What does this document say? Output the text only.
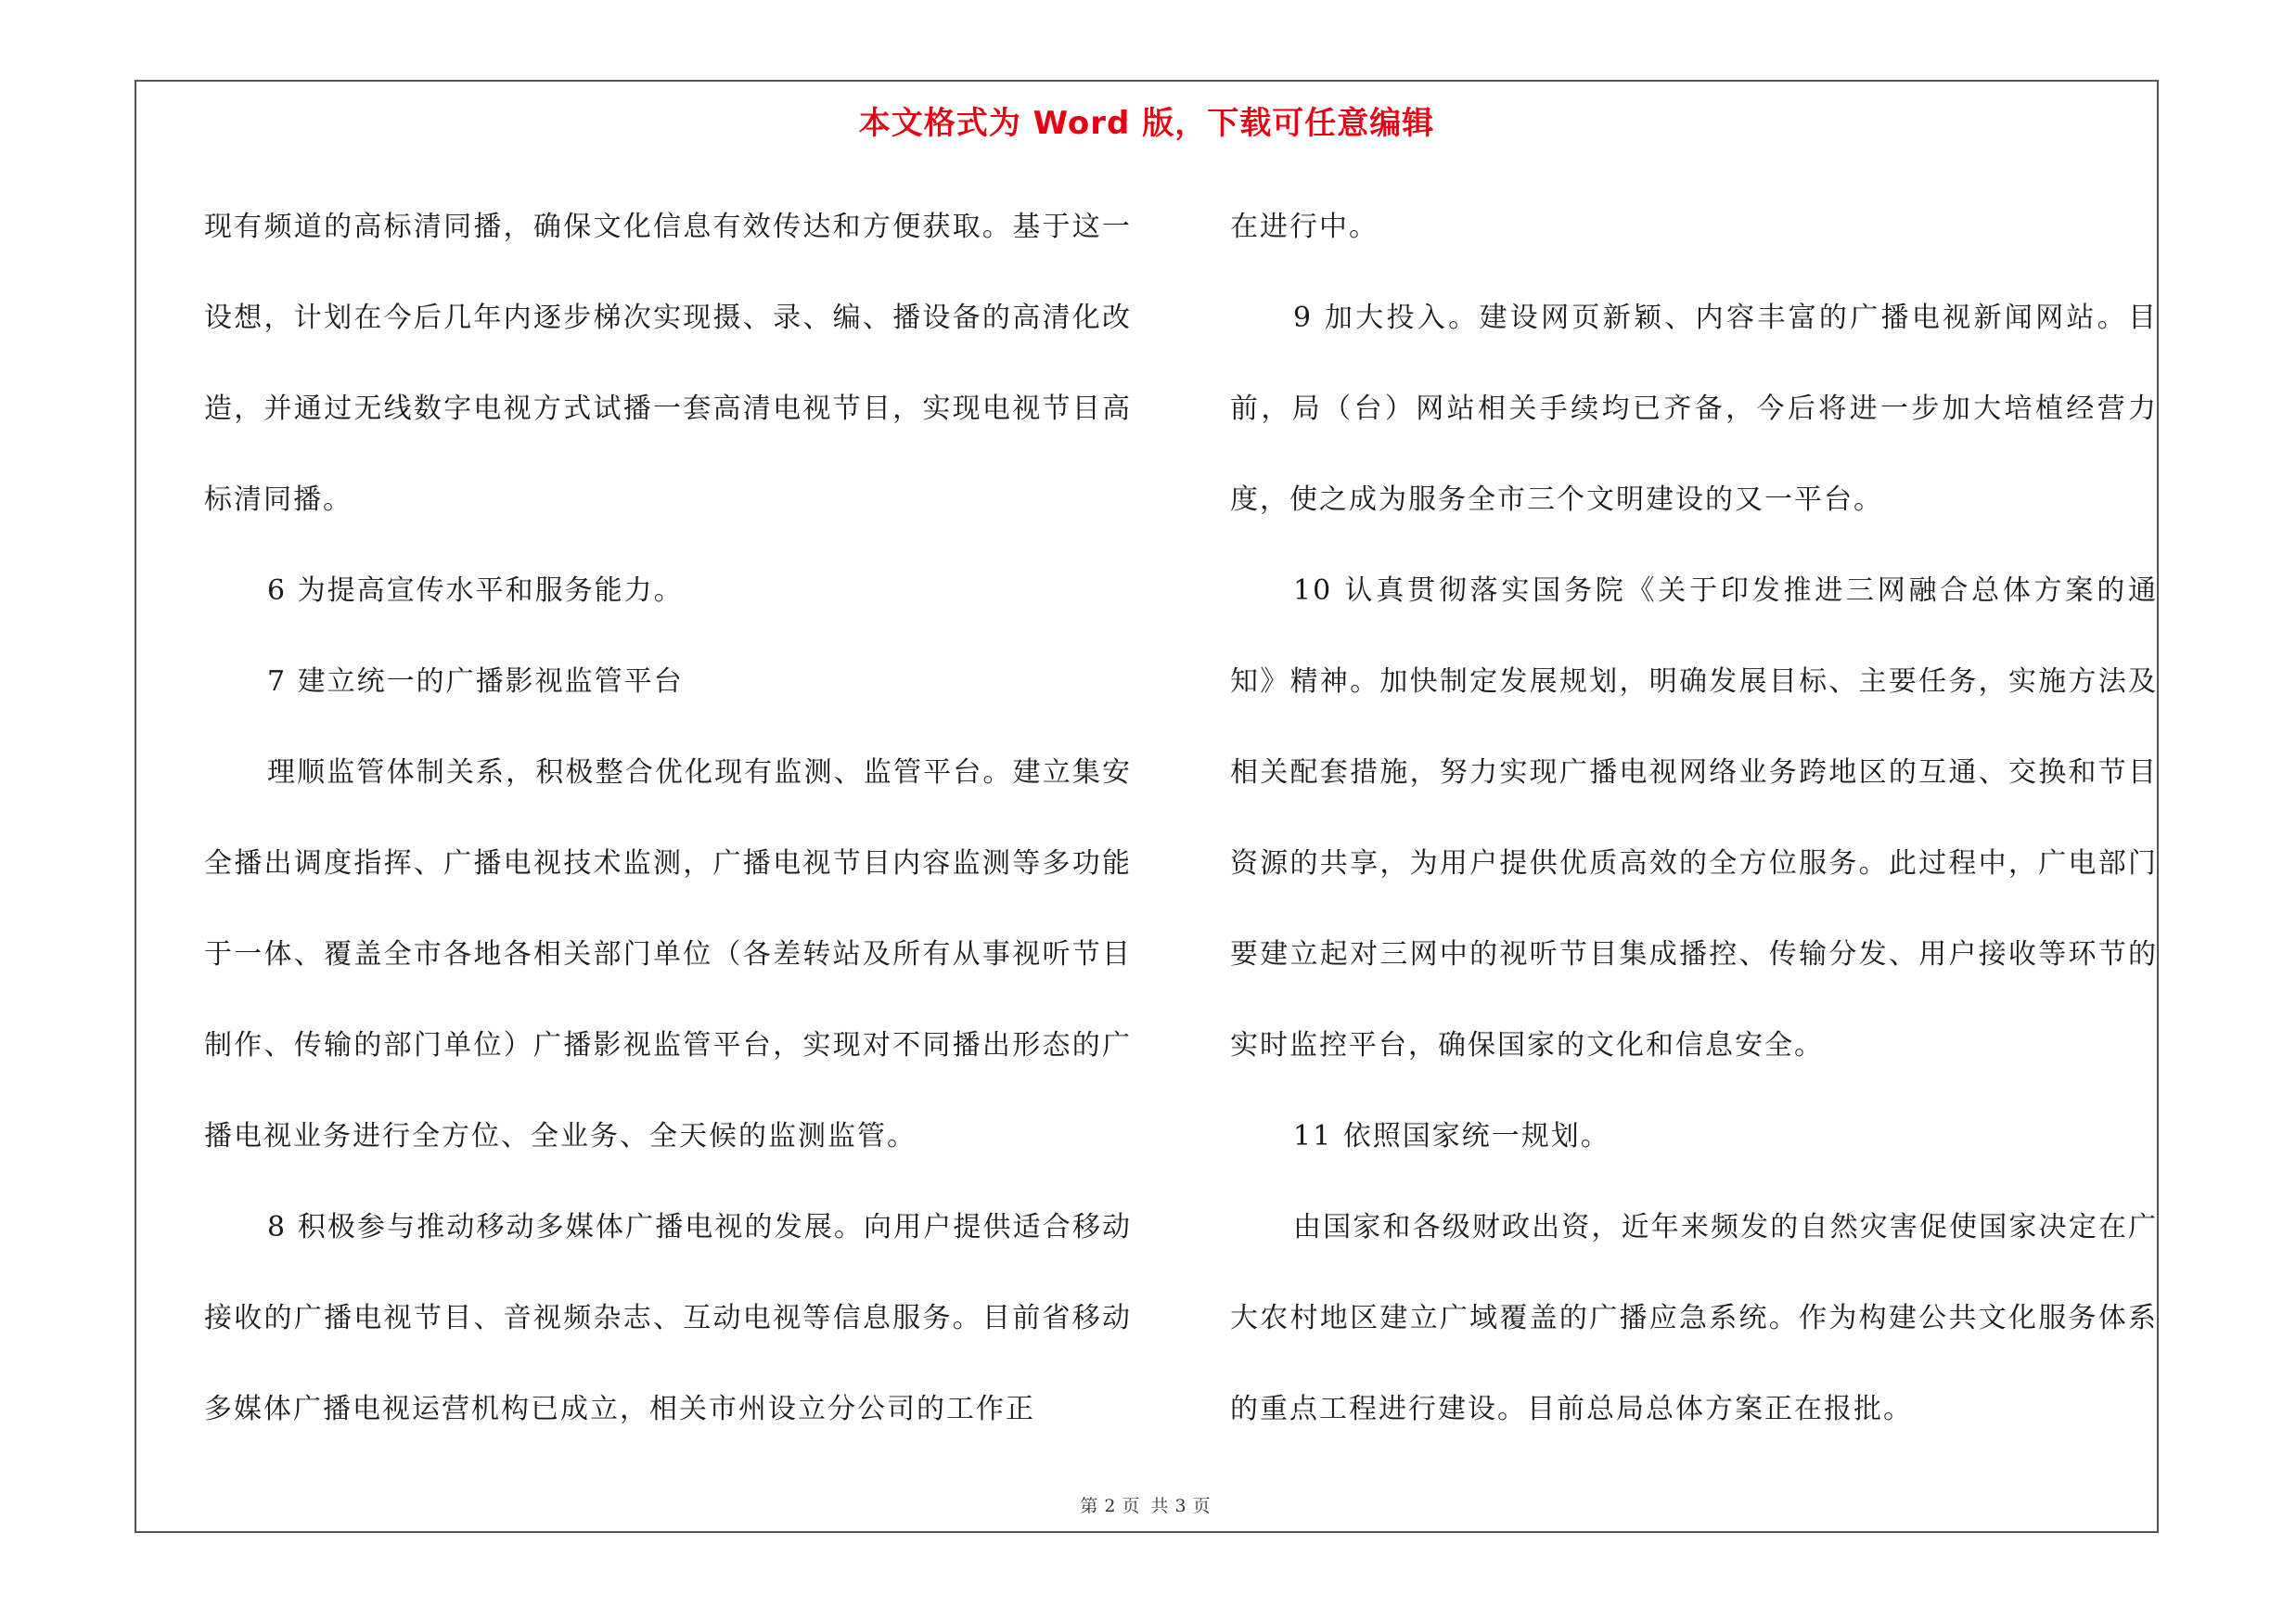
本文格式为 Word 版，下载可任意编辑

现有频道的高标清同播，确保文化信息有效传达和方便获取。基于这一设想，计划在今后几年内逐步梯次实现摄、录、编、播设备的高清化改造，并通过无线数字电视方式试播一套高清电视节目，实现电视节目高标清同播。

6 为提高宣传水平和服务能力。

7 建立统一的广播影视监管平台

理顺监管体制关系，积极整合优化现有监测、监管平台。建立集安全播出调度指挥、广播电视技术监测，广播电视节目内容监测等多功能于一体、覆盖全市各地各相关部门单位（各差转站及所有从事视听节目制作、传输的部门单位）广播影视监管平台，实现对不同播出形态的广播电视业务进行全方位、全业务、全天候的监测监管。

8 积极参与推动移动多媒体广播电视的发展。向用户提供适合移动接收的广播电视节目、音视频杂志、互动电视等信息服务。目前省移动多媒体广播电视运营机构已成立，相关市州设立分公司的工作正

在进行中。

9 加大投入。建设网页新颖、内容丰富的广播电视新闻网站。目前，局（台）网站相关手续均已齐备，今后将进一步加大培植经营力度，使之成为服务全市三个文明建设的又一平台。

10 认真贯彻落实国务院《关于印发推进三网融合总体方案的通知》精神。加快制定发展规划，明确发展目标、主要任务，实施方法及相关配套措施，努力实现广播电视网络业务跨地区的互通、交换和节目资源的共享，为用户提供优质高效的全方位服务。此过程中，广电部门要建立起对三网中的视听节目集成播控、传输分发、用户接收等环节的实时监控平台，确保国家的文化和信息安全。

11 依照国家统一规划。

由国家和各级财政出资，近年来频发的自然灾害促使国家决定在广大农村地区建立广域覆盖的广播应急系统。作为构建公共文化服务体系的重点工程进行建设。目前总局总体方案正在报批。

第 2 页 共 3 页
